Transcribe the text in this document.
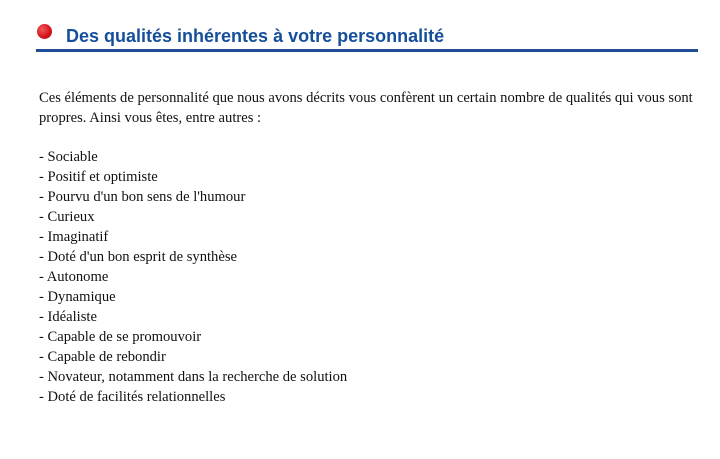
Des qualités inhérentes à votre personnalité

Ces éléments de personnalité que nous avons décrits vous confèrent un certain nombre de qualités qui vous sont propres. Ainsi vous êtes, entre autres :

- Sociable
- Positif et optimiste
- Pourvu d'un bon sens de l'humour
- Curieux
- Imaginatif
- Doté d'un bon esprit de synthèse
- Autonome
- Dynamique
- Idéaliste
- Capable de se promouvoir
- Capable de rebondir
- Novateur, notamment dans la recherche de solution
- Doté de facilités relationnelles
